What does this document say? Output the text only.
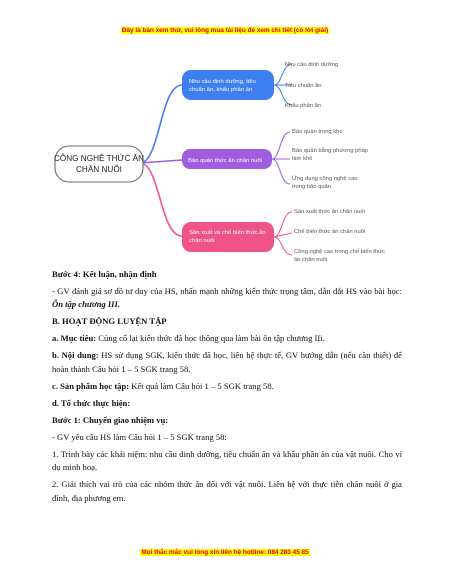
Đây là bản xem thử, vui lòng mua tài liệu để xem chi tiết (có lời giải)
CÔNG NGHỆ THỨC ĂN
CHĂN NUÔI
Nhu cầu dinh dưỡng, tiêu
chuẩn ăn, khẩu phần ăn
Nhu cầu dinh dưỡng
Tiêu chuẩn ăn
Khẩu phần ăn
Bảo quản thức ăn chăn nuôi
Bảo quản trong kho
Bảo quản bằng phương pháp
làm khô
Ứng dụng công nghệ cao
trong bảo quản
Sản xuất và chế biến thức ăn
chăn nuôi
Sản xuất thức ăn chăn nuôi
Chế biến thức ăn chăn nuôi
Công nghệ cao trong chế biến thức
ăn chăn nuôi

Bước 4: Kết luận, nhận định

- GV đánh giá sơ đồ tư duy của HS, nhấn mạnh những kiến thức trọng tâm, dẫn dắt HS vào bài học: Ôn tập chương III.

B. HOẠT ĐỘNG LUYỆN TẬP

a. Mục tiêu: Củng cố lại kiến thức đã học thông qua làm bài ôn tập chương IIi.

b. Nội dung: HS sử dụng SGK, kiến thức đã học, liên hệ thực tế, GV hướng dẫn (nếu cần thiết) để hoàn thành Câu hỏi 1 – 5 SGK trang 58.

c. Sản phẩm học tập: Kết quả làm Câu hỏi 1 – 5 SGK trang 58.

d. Tổ chức thực hiện:

Bước 1: Chuyển giao nhiệm vụ:

- GV yêu cầu HS làm Câu hỏi 1 – 5 SGK trang 58:

1. Trình bày các khái niệm: nhu cầu dinh dưỡng, tiêu chuẩn ăn và khẩu phần ăn của vật nuôi. Cho ví dụ minh hoạ.

2. Giải thích vai trò của các nhóm thức ăn đối với vật nuôi. Liên hệ với thực tiễn chăn nuôi ở gia đình, địa phương em.

Mọi thắc mắc vui lòng xin liên hệ hotline: 084 283 45 85
